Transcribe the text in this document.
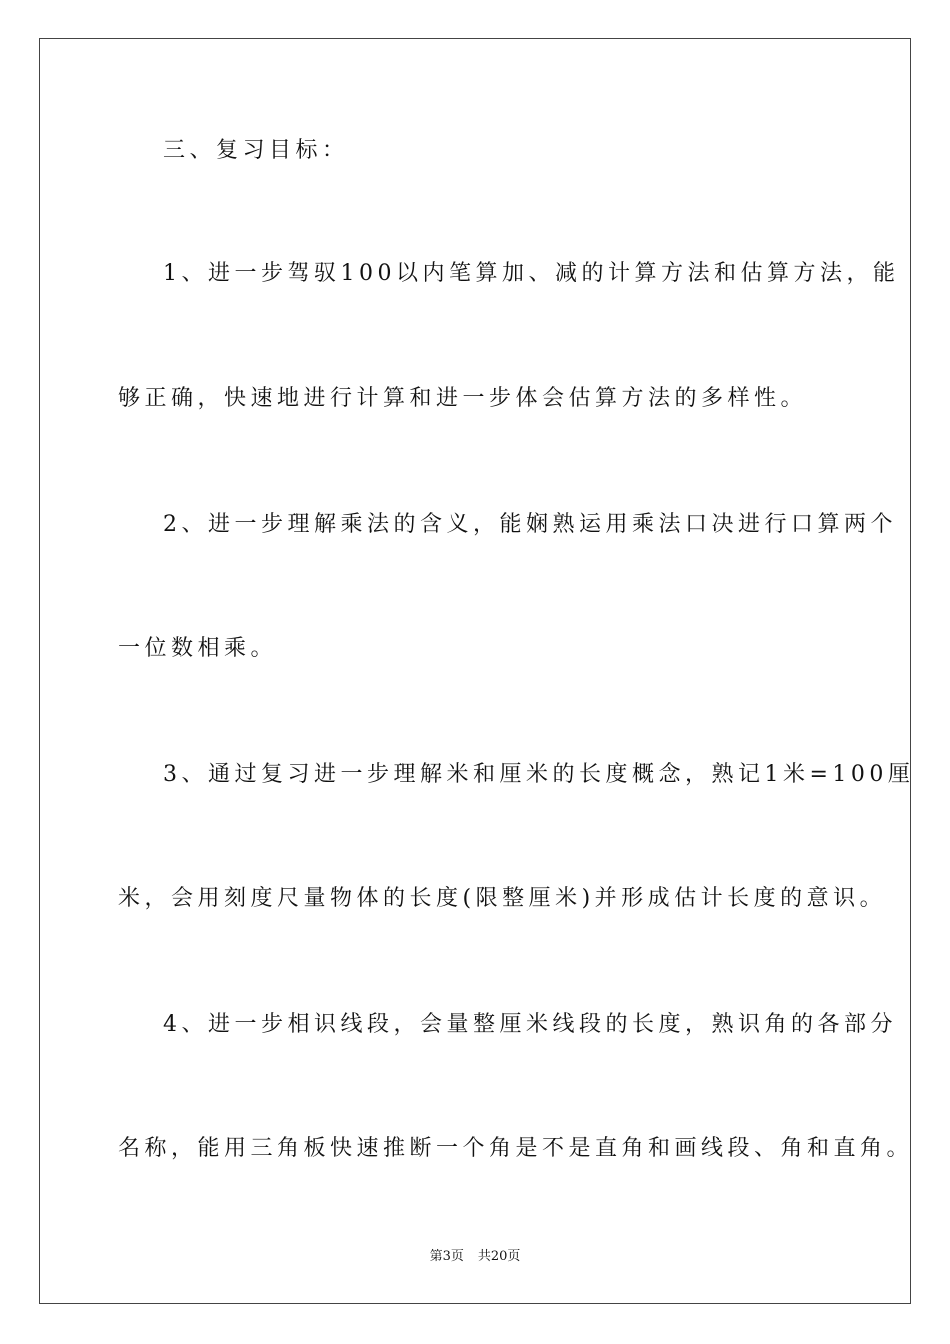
三、复习目标：
1、进一步驾驭100以内笔算加、减的计算方法和估算方法，能
够正确，快速地进行计算和进一步体会估算方法的多样性。
2、进一步理解乘法的含义，能娴熟运用乘法口决进行口算两个
一位数相乘。
3、通过复习进一步理解米和厘米的长度概念，熟记1米=100厘
米，会用刻度尺量物体的长度(限整厘米)并形成估计长度的意识。
4、进一步相识线段，会量整厘米线段的长度，熟识角的各部分
名称，能用三角板快速推断一个角是不是直角和画线段、角和直角。
第3页 共20页
